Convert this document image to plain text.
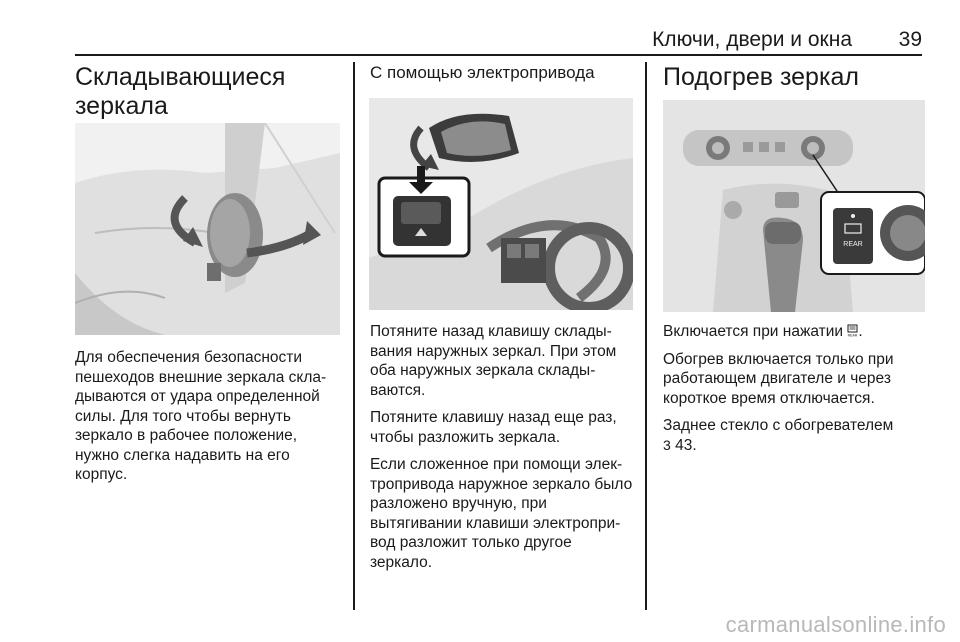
Ключи, двери и окна 39
Складывающиеся зеркала

Для обеспечения безопасности пешеходов внешние зеркала складываются от удара определенной силы. Для того чтобы вернуть зеркало в рабочее положение, нужно слегка надавить на его корпус.

С помощью электропривода

Потяните назад клавишу складывания наружных зеркал. При этом оба наружных зеркала складываются.

Потяните клавишу назад еще раз, чтобы разложить зеркала.

Если сложенное при помощи электропривода наружное зеркало было разложено вручную, при вытягивании клавиши электропривод разложит только другое зеркало.

Подогрев зеркал
REAR

Включается при нажатии REAR .

Обогрев включается только при работающем двигателе и через короткое время отключается.

Заднее стекло с обогревателем
3 43.

carmanualsonline.info
